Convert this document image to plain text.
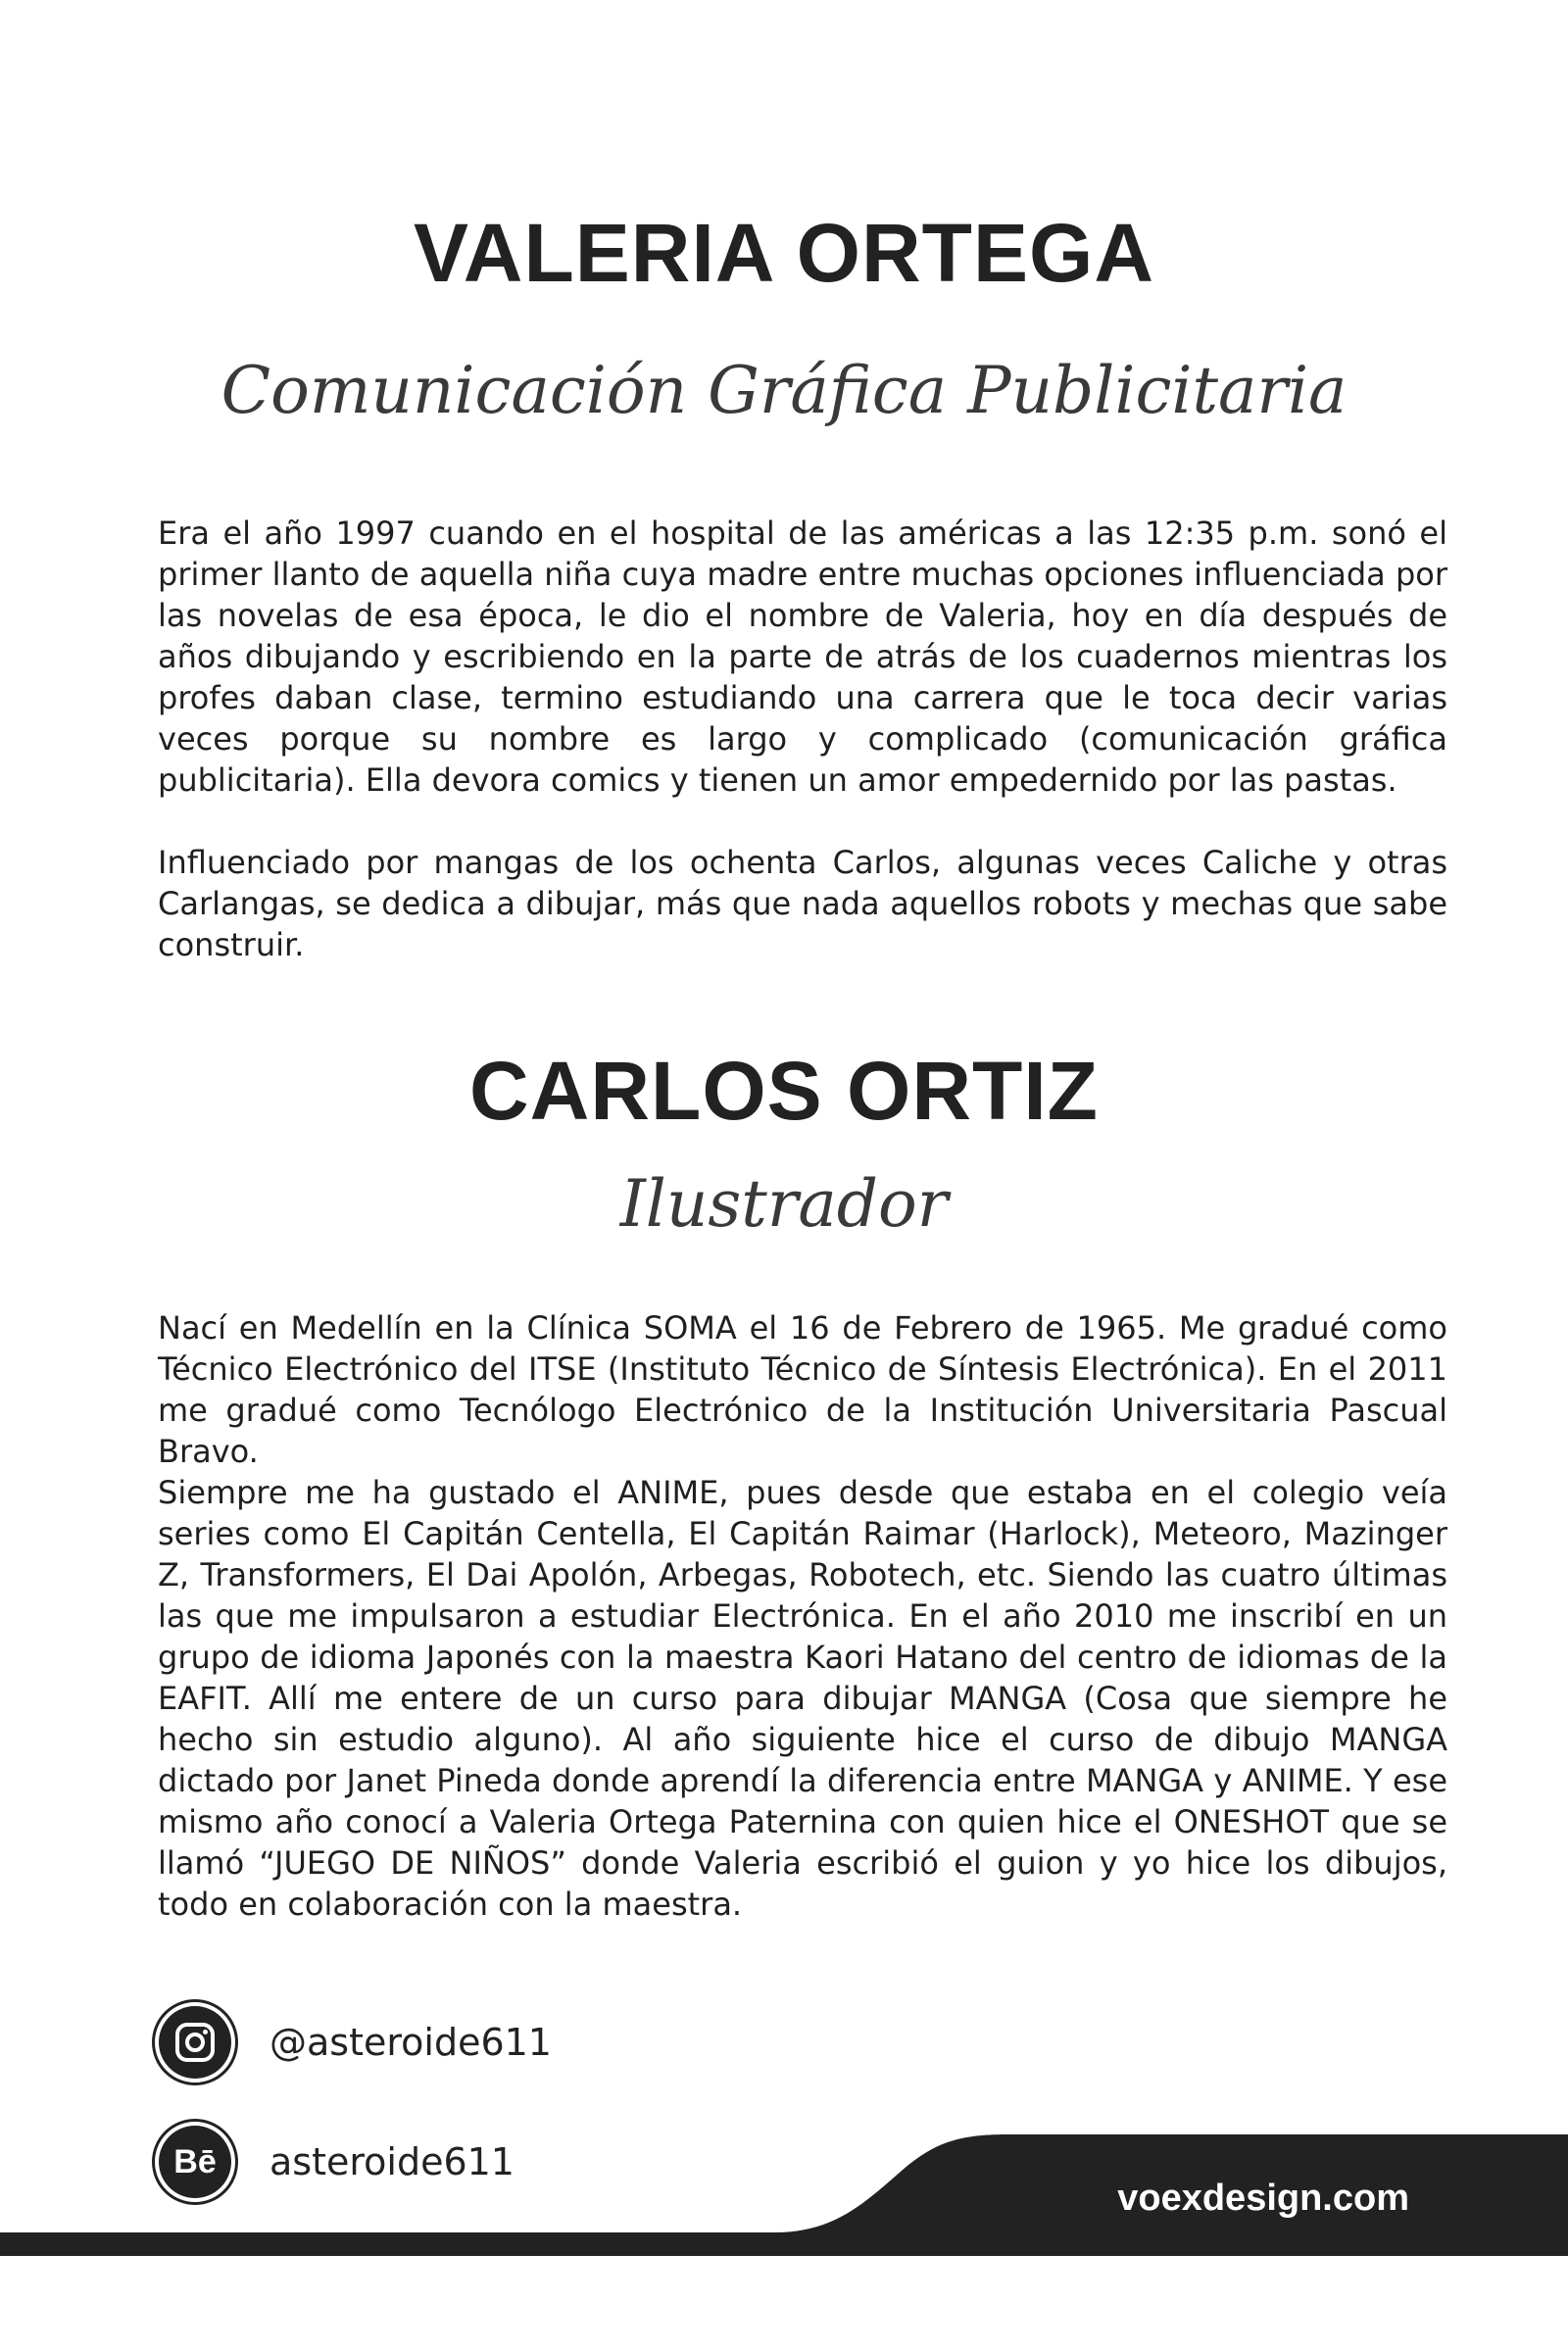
VALERIA ORTEGA
Comunicación Gráfica Publicitaria

Era el año 1997 cuando en el hospital de las américas a las 12:35 p.m. sonó el primer llanto de aquella niña cuya madre entre muchas opciones influenciada por las novelas de esa época, le dio el nombre de Valeria, hoy en día después de años dibujando y escribiendo en la parte de atrás de los cuadernos mientras los profes daban clase, termino estudiando una carrera que le toca decir varias veces porque su nombre es largo y complicado (comunicación gráfica publicitaria). Ella devora comics y tienen un amor empedernido por las pastas.

Influenciado por mangas de los ochenta Carlos, algunas veces Caliche y otras Carlangas, se dedica a dibujar, más que nada aquellos robots y mechas que sabe construir.

CARLOS ORTIZ
Ilustrador

Nací en Medellín en la Clínica SOMA el 16 de Febrero de 1965. Me gradué como Técnico Electrónico del ITSE (Instituto Técnico de Síntesis Electrónica). En el 2011 me gradué como Tecnólogo Electrónico de la Institución Universitaria Pascual Bravo.

Siempre me ha gustado el ANIME, pues desde que estaba en el colegio veía series como El Capitán Centella, El Capitán Raimar (Harlock), Meteoro, Mazinger Z, Transformers, El Dai Apolón, Arbegas, Robotech, etc. Siendo las cuatro últimas las que me impulsaron a estudiar Electrónica. En el año 2010 me inscribí en un grupo de idioma Japonés con la maestra Kaori Hatano del centro de idiomas de la EAFIT. Allí me entere de un curso para dibujar MANGA (Cosa que siempre he hecho sin estudio alguno). Al año siguiente hice el curso de dibujo MANGA dictado por Janet Pineda donde aprendí la diferencia entre MANGA y ANIME. Y ese mismo año conocí a Valeria Ortega Paternina con quien hice el ONESHOT que se llamó “JUEGO DE NIÑOS” donde Valeria escribió el guion y yo hice los dibujos, todo en colaboración con la maestra.

@asteroide611
Bē asteroide611
voexdesign.com
